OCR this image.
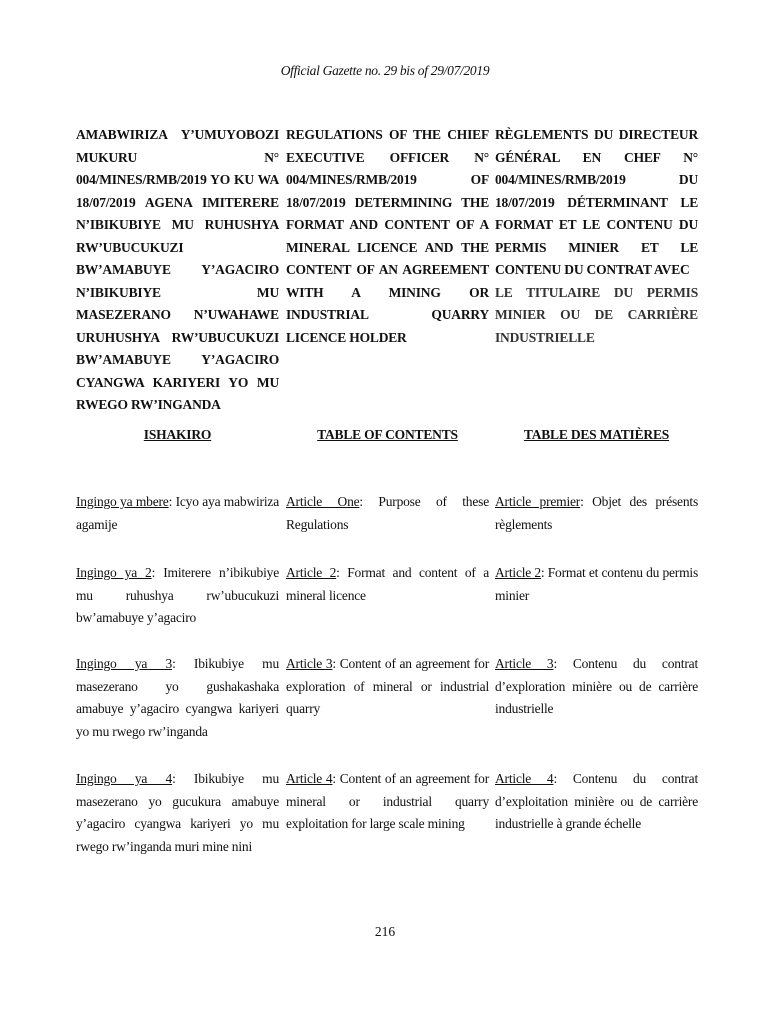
Official Gazette no. 29 bis of 29/07/2019
AMABWIRIZA Y’UMUYOBOZI MUKURU N° 004/MINES/RMB/2019 YO KU WA 18/07/2019 AGENA IMITERERE N’IBIKUBIYE MU RUHUSHYA RW’UBUCUKUZI BW’AMABUYE Y’AGACIRO N’IBIKUBIYE MU MASEZERANO N’UWAHAWE URUHUSHYA RW’UBUCUKUZI BW’AMABUYE Y’AGACIRO CYANGWA KARIYERI YO MU RWEGO RW’INGANDA
REGULATIONS OF THE CHIEF EXECUTIVE OFFICER N° 004/MINES/RMB/2019 OF 18/07/2019 DETERMINING THE FORMAT AND CONTENT OF A MINERAL LICENCE AND THE CONTENT OF AN AGREEMENT WITH A MINING OR INDUSTRIAL QUARRY LICENCE HOLDER
RÈGLEMENTS DU DIRECTEUR GÉNÉRAL EN CHEF N° 004/MINES/RMB/2019 DU 18/07/2019 DÉTERMINANT LE FORMAT ET LE CONTENU DU PERMIS MINIER ET LE CONTENU DU CONTRAT AVEC
LE TITULAIRE DU PERMIS MINIER OU DE CARRIÈRE INDUSTRIELLE
ISHAKIRO	TABLE OF CONTENTS	TABLE DES MATIÈRES
Ingingo ya mbere: Icyo aya mabwiriza agamije
Article One: Purpose of these Regulations
Article premier: Objet des présents règlements
Ingingo ya 2: Imiterere n’ibikubiye mu ruhushya rw’ubucukuzi bw’amabuye y’agaciro
Article 2: Format and content of a mineral licence
Article 2: Format et contenu du permis minier
Ingingo ya 3: Ibikubiye mu masezerano yo gushakashaka amabuye y’agaciro cyangwa kariyeri yo mu rwego rw’inganda
Article 3: Content of an agreement for exploration of mineral or industrial quarry
Article 3: Contenu du contrat d’exploration minière ou de carrière industrielle
Ingingo ya 4: Ibikubiye mu masezerano yo gucukura amabuye y’agaciro cyangwa kariyeri yo mu rwego rw’inganda muri mine nini
Article 4: Content of an agreement for mineral or industrial quarry exploitation for large scale mining
Article 4: Contenu du contrat d’exploitation minière ou de carrière industrielle à grande échelle
216
